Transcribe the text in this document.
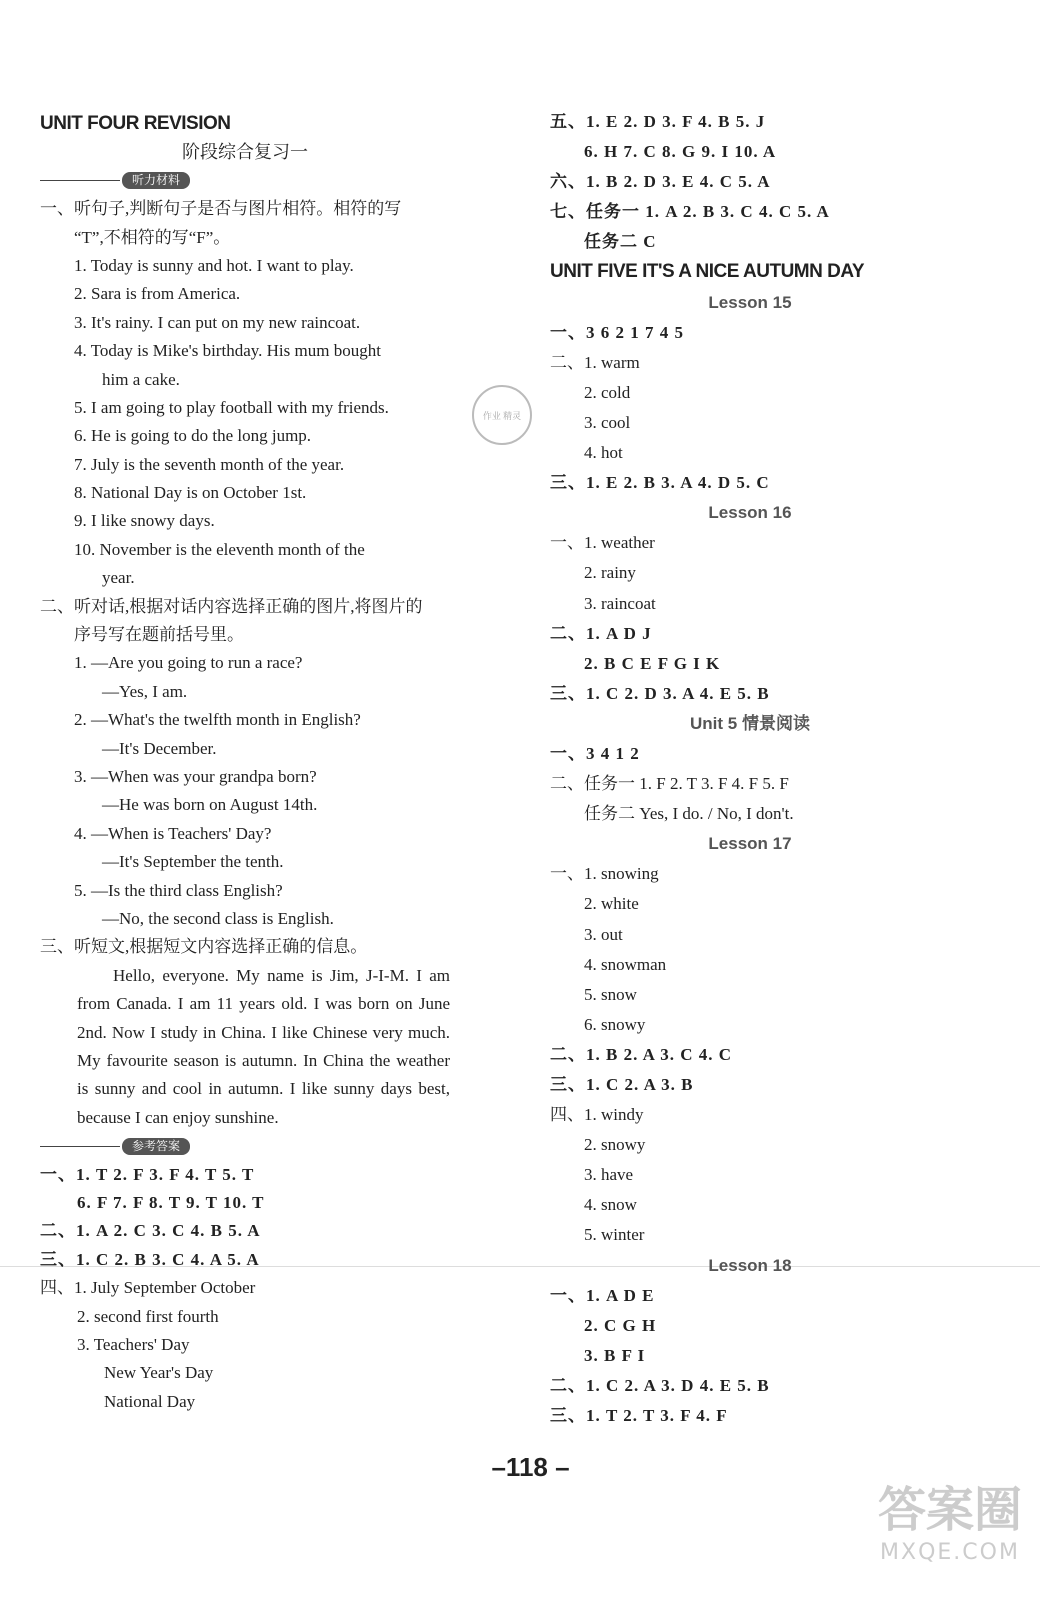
UNIT FOUR REVISION
阶段综合复习一
听力材料
一、听句子,判断句子是否与图片相符。相符的写
“T”,不相符的写“F”。
1. Today is sunny and hot. I want to play.
2. Sara is from America.
3. It's rainy. I can put on my new raincoat.
4. Today is Mike's birthday. His mum bought
him a cake.
5. I am going to play football with my friends.
6. He is going to do the long jump.
7. July is the seventh month of the year.
8. National Day is on October 1st.
9. I like snowy days.
10. November is the eleventh month of the
year.
二、听对话,根据对话内容选择正确的图片,将图片的
序号写在题前括号里。
1. —Are you going to run a race?
—Yes, I am.
2. —What's the twelfth month in English?
—It's December.
3. —When was your grandpa born?
—He was born on August 14th.
4. —When is Teachers' Day?
—It's September the tenth.
5. —Is the third class English?
—No, the second class is English.
三、听短文,根据短文内容选择正确的信息。
Hello, everyone. My name is Jim, J-I-M. I am from Canada. I am 11 years old. I was born on June 2nd. Now I study in China. I like Chinese very much. My favourite season is autumn. In China the weather is sunny and cool in autumn. I like sunny days best, because I can enjoy sunshine.
参考答案
一、1. T 2. F 3. F 4. T 5. T
6. F 7. F 8. T 9. T 10. T
二、1. A 2. C 3. C 4. B 5. A
三、1. C 2. B 3. C 4. A 5. A
四、1. July September October
2. second first fourth
3. Teachers' Day
New Year's Day
National Day
五、1. E 2. D 3. F 4. B 5. J
6. H 7. C 8. G 9. I 10. A
六、1. B 2. D 3. E 4. C 5. A
七、任务一 1. A 2. B 3. C 4. C 5. A
任务二 C
UNIT FIVE IT'S A NICE AUTUMN DAY
Lesson 15
一、3 6 2 1 7 4 5
二、1. warm
2. cold
3. cool
4. hot
三、1. E 2. B 3. A 4. D 5. C
Lesson 16
一、1. weather
2. rainy
3. raincoat
二、1. A D J
2. B C E F G I K
三、1. C 2. D 3. A 4. E 5. B
Unit 5 情景阅读
一、3 4 1 2
二、任务一 1. F 2. T 3. F 4. F 5. F
任务二 Yes, I do. / No, I don't.
Lesson 17
一、1. snowing
2. white
3. out
4. snowman
5. snow
6. snowy
二、1. B 2. A 3. C 4. C
三、1. C 2. A 3. B
四、1. windy
2. snowy
3. have
4. snow
5. winter
Lesson 18
一、1. A D E
2. C G H
3. B F I
二、1. C 2. A 3. D 4. E 5. B
三、1. T 2. T 3. F 4. F
作业 精灵
–118 –
答案圈
MXQE.COM
